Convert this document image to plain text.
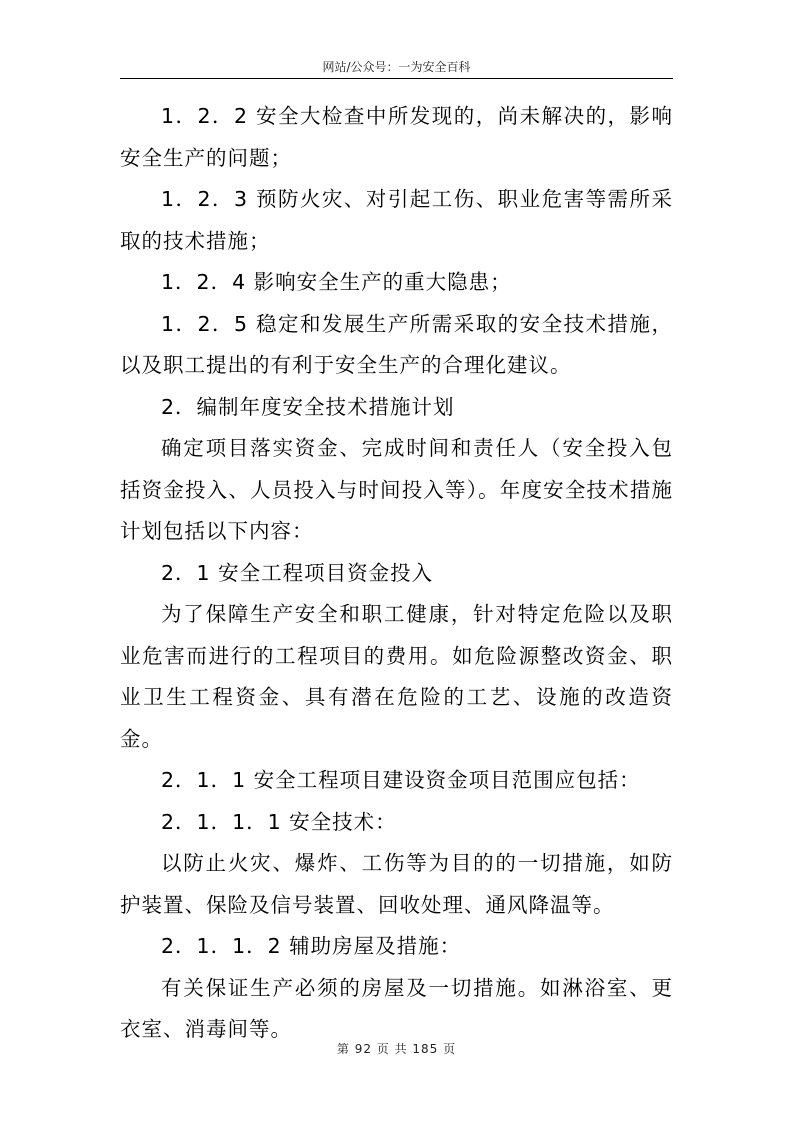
网站/公众号：一为安全百科

1．2．2 安全大检查中所发现的，尚未解决的，影响安全生产的问题；

1．2．3 预防火灾、对引起工伤、职业危害等需所采取的技术措施；

1．2．4 影响安全生产的重大隐患；

1．2．5 稳定和发展生产所需采取的安全技术措施，以及职工提出的有利于安全生产的合理化建议。

2．编制年度安全技术措施计划

确定项目落实资金、完成时间和责任人（安全投入包括资金投入、人员投入与时间投入等）。年度安全技术措施计划包括以下内容：

2．1 安全工程项目资金投入

为了保障生产安全和职工健康，针对特定危险以及职业危害而进行的工程项目的费用。如危险源整改资金、职业卫生工程资金、具有潜在危险的工艺、设施的改造资金。

2．1．1 安全工程项目建设资金项目范围应包括：

2．1．1．1 安全技术：

以防止火灾、爆炸、工伤等为目的的一切措施，如防护装置、保险及信号装置、回收处理、通风降温等。

2．1．1．2 辅助房屋及措施：

有关保证生产必须的房屋及一切措施。如淋浴室、更衣室、消毒间等。

第 92 页 共 185 页
